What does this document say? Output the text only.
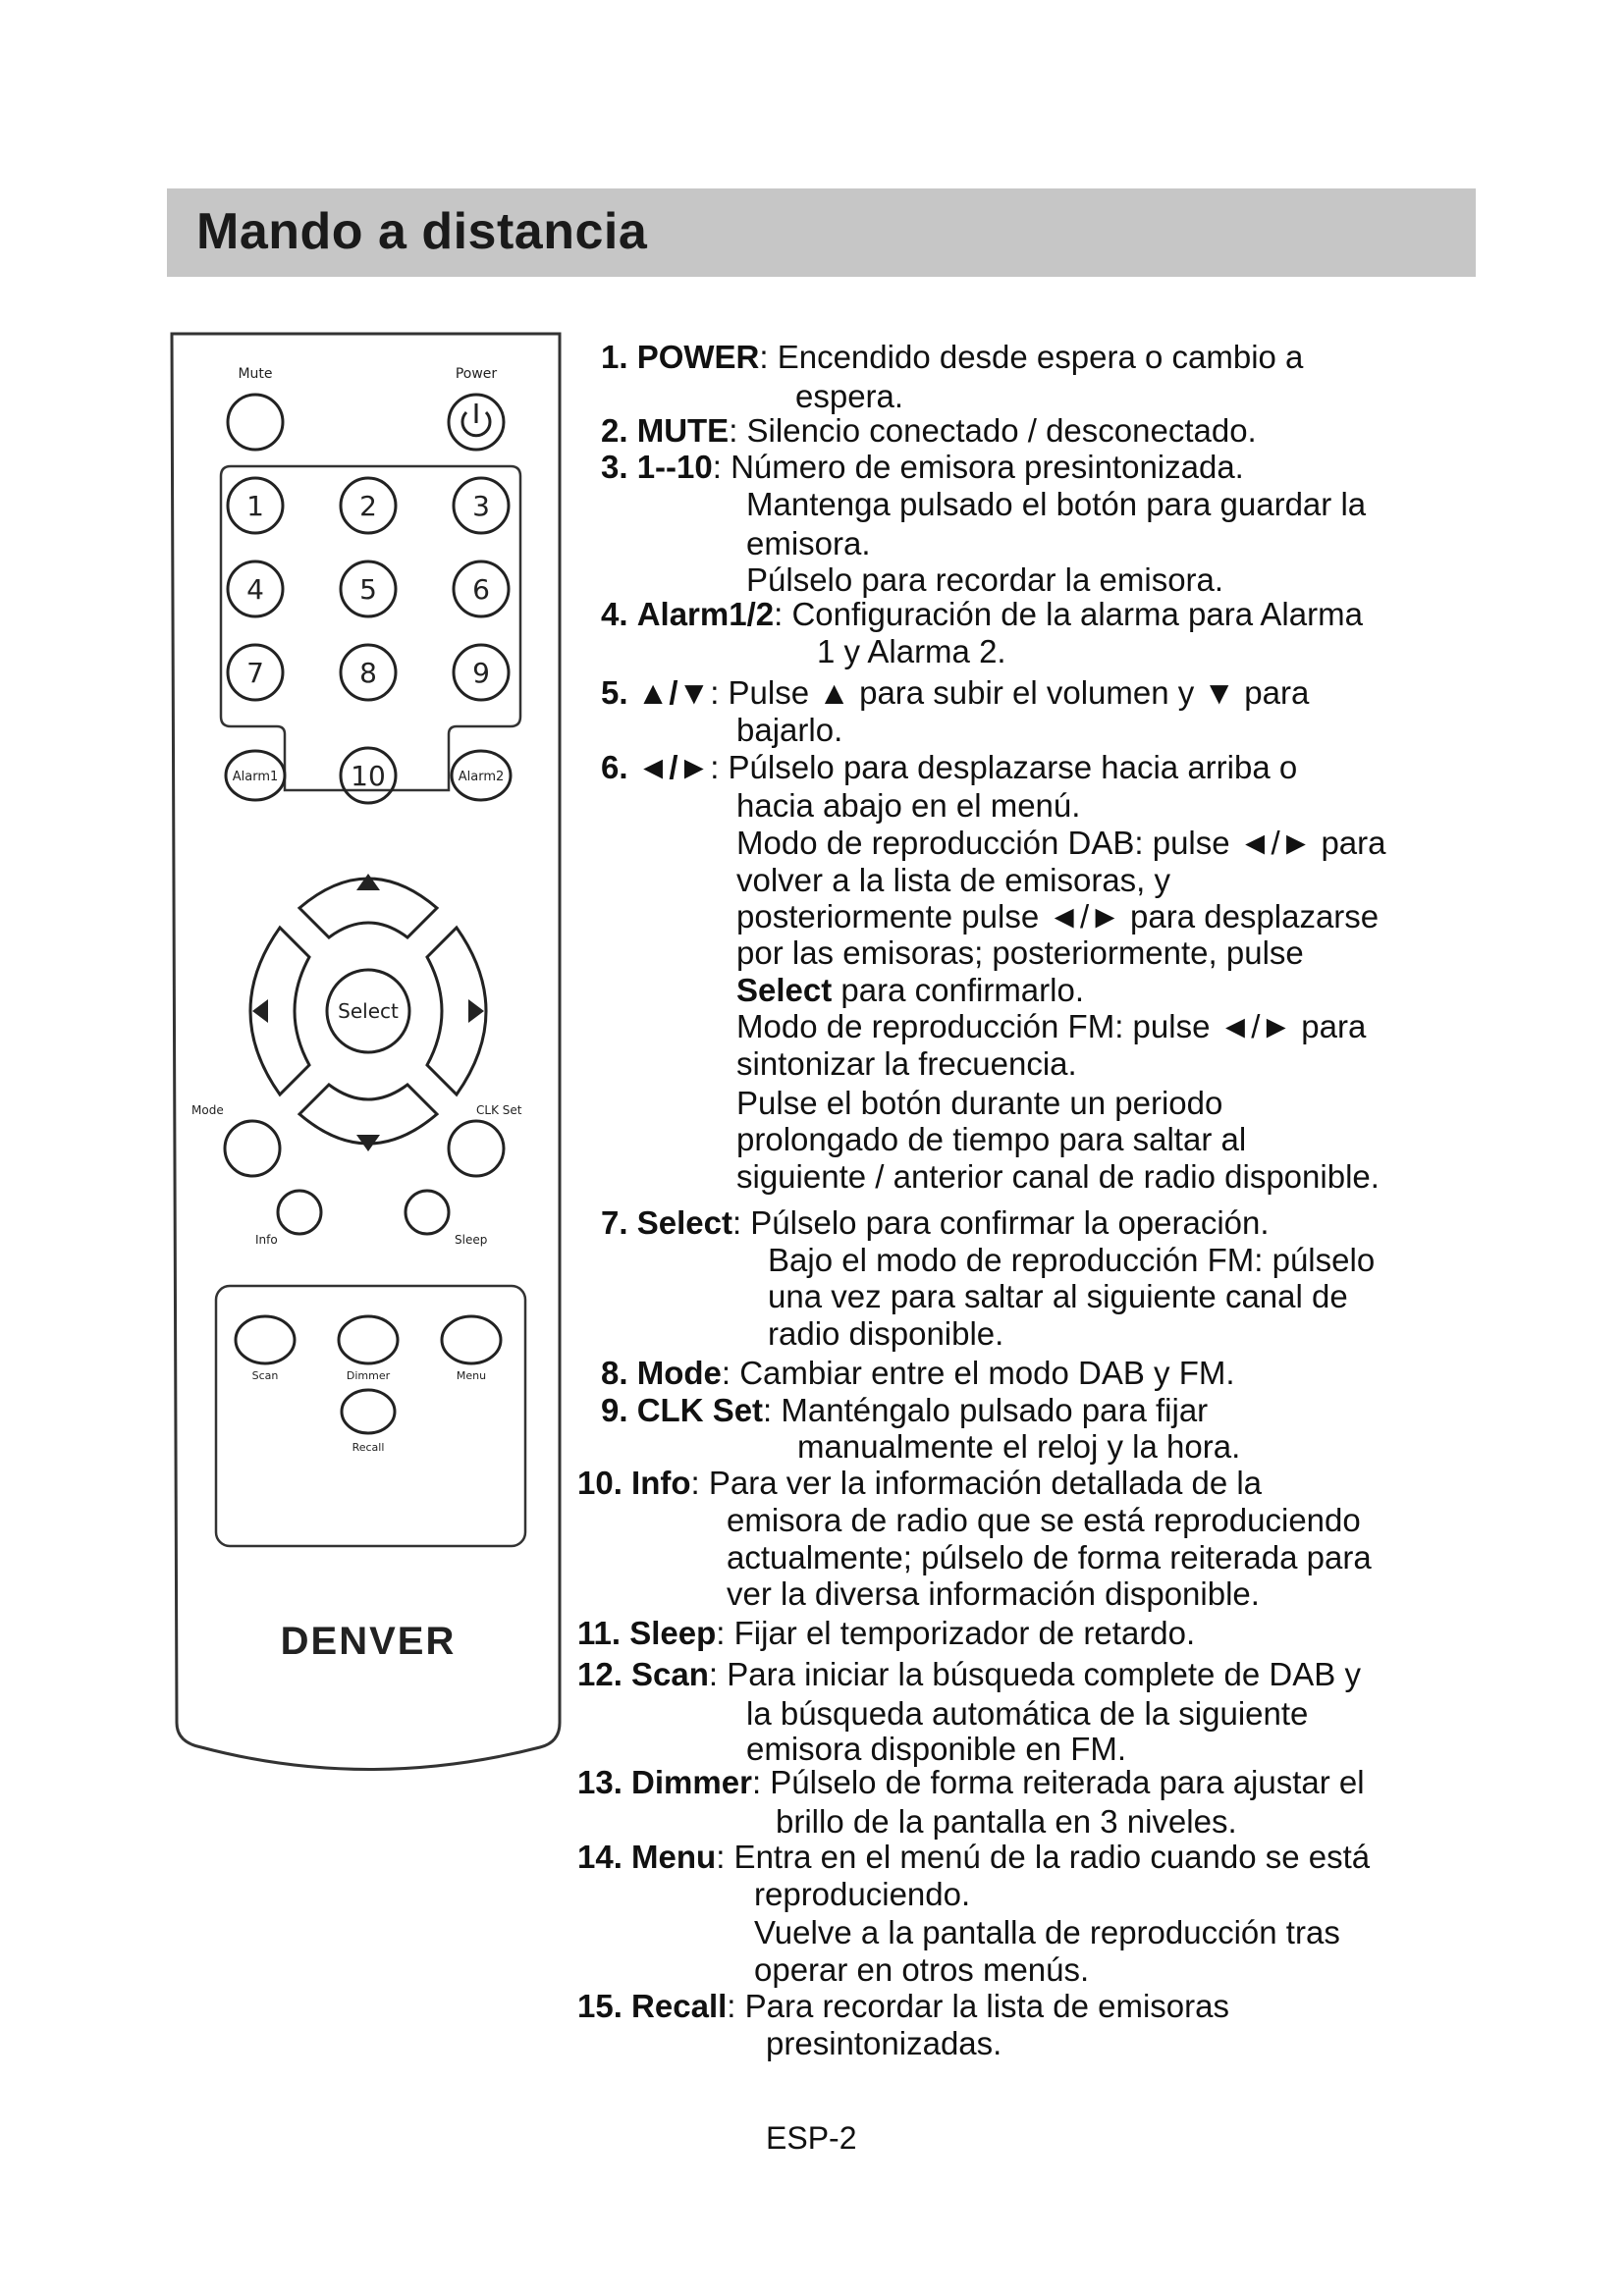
Mando a distancia
Mute	Power
1	2	3
4	5	6
7	8	9
10
Alarm1	Alarm2
Select
Mode	CLK Set
Info	Sleep
Scan	Dimmer	Menu
Recall
DENVER
ESP-2
1. POWER: Encendido desde espera o cambio a
espera.
2. MUTE: Silencio conectado / desconectado.
3. 1--10: Número de emisora presintonizada.
Mantenga pulsado el botón para guardar la
emisora.
Púlselo para recordar la emisora.
4. Alarm1/2: Configuración de la alarma para Alarma
1 y Alarma 2.
5. ▲/▼: Pulse ▲ para subir el volumen y ▼ para
bajarlo.
6. ◄/►: Púlselo para desplazarse hacia arriba o
hacia abajo en el menú.
Modo de reproducción DAB: pulse ◄/► para
volver a la lista de emisoras, y
posteriormente pulse ◄/► para desplazarse
por las emisoras; posteriormente, pulse
Select para confirmarlo.
Modo de reproducción FM: pulse ◄/► para
sintonizar la frecuencia.
Pulse el botón durante un periodo
prolongado de tiempo para saltar al
siguiente / anterior canal de radio disponible.
7. Select: Púlselo para confirmar la operación.
Bajo el modo de reproducción FM: púlselo
una vez para saltar al siguiente canal de
radio disponible.
8. Mode: Cambiar entre el modo DAB y FM.
9. CLK Set: Manténgalo pulsado para fijar
manualmente el reloj y la hora.
10. Info: Para ver la información detallada de la
emisora de radio que se está reproduciendo
actualmente; púlselo de forma reiterada para
ver la diversa información disponible.
11. Sleep: Fijar el temporizador de retardo.
12. Scan: Para iniciar la búsqueda complete de DAB y
la búsqueda automática de la siguiente
emisora disponible en FM.
13. Dimmer: Púlselo de forma reiterada para ajustar el
brillo de la pantalla en 3 niveles.
14. Menu: Entra en el menú de la radio cuando se está
reproduciendo.
Vuelve a la pantalla de reproducción tras
operar en otros menús.
15. Recall: Para recordar la lista de emisoras
presintonizadas.
